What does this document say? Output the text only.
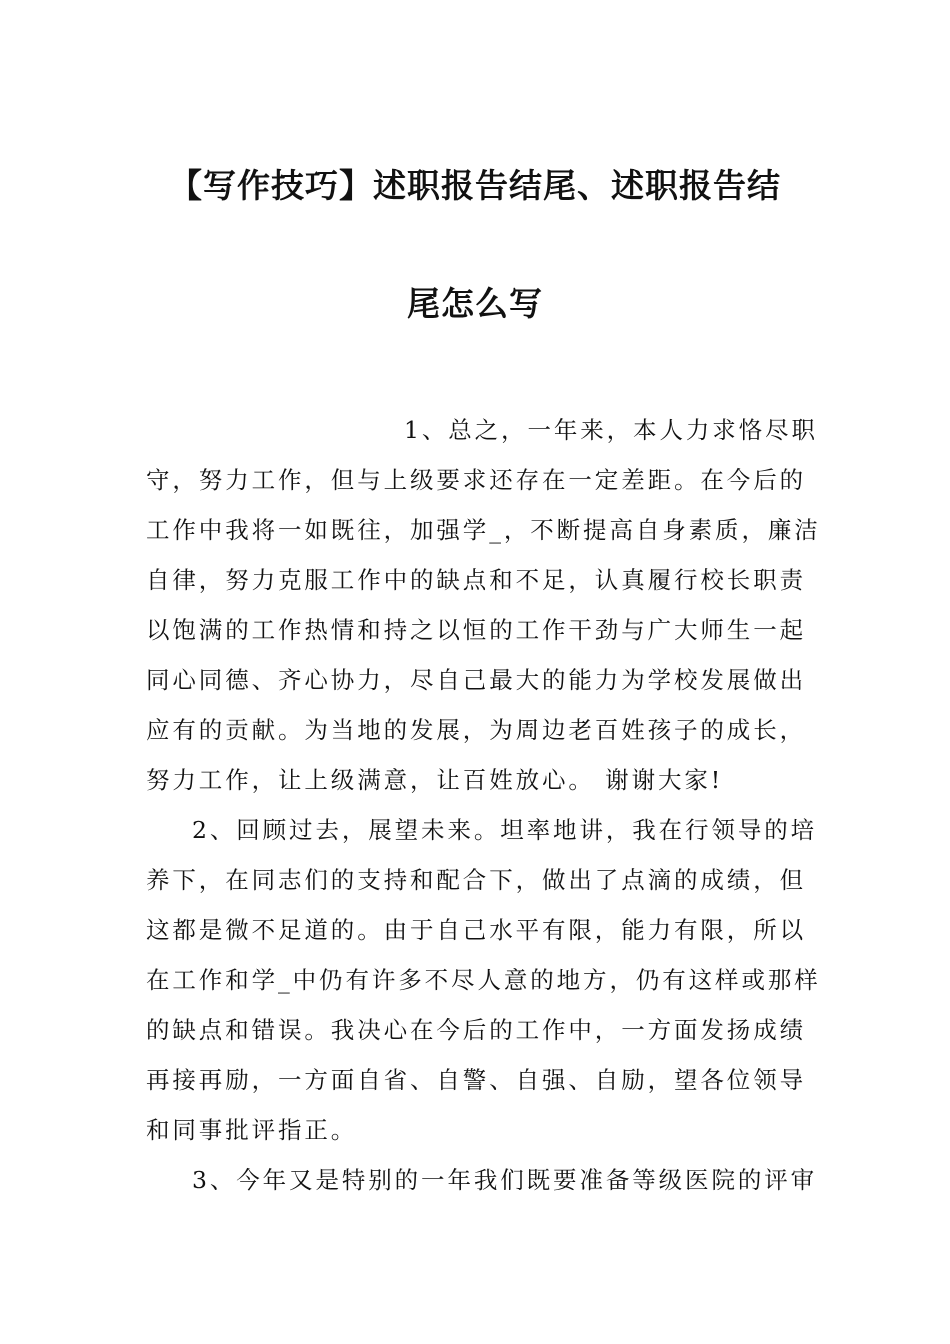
【写作技巧】述职报告结尾、述职报告结
尾怎么写
1、总之，一年来，本人力求恪尽职
守，努力工作，但与上级要求还存在一定差距。在今后的
工作中我将一如既往，加强学_，不断提高自身素质，廉洁
自律，努力克服工作中的缺点和不足，认真履行校长职责
以饱满的工作热情和持之以恒的工作干劲与广大师生一起
同心同德、齐心协力，尽自己最大的能力为学校发展做出
应有的贡献。为当地的发展，为周边老百姓孩子的成长，
努力工作，让上级满意，让百姓放心。 谢谢大家!
2、回顾过去，展望未来。坦率地讲，我在行领导的培
养下，在同志们的支持和配合下，做出了点滴的成绩，但
这都是微不足道的。由于自己水平有限，能力有限，所以
在工作和学_中仍有许多不尽人意的地方，仍有这样或那样
的缺点和错误。我决心在今后的工作中，一方面发扬成绩
再接再励，一方面自省、自警、自强、自励，望各位领导
和同事批评指正。
3、今年又是特别的一年我们既要准备等级医院的评审
